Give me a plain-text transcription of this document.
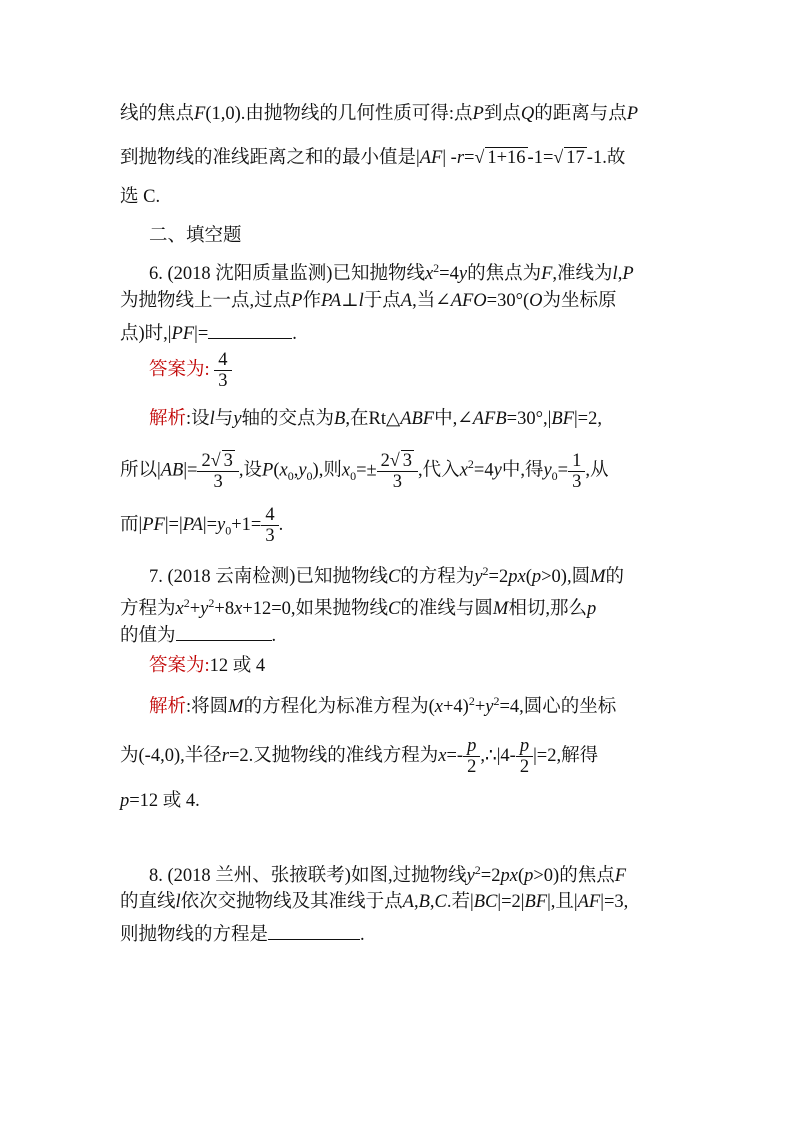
线的焦点F(1,0).由抛物线的几何性质可得:点P到点Q的距离与点P
到抛物线的准线距离之和的最小值是|AF| -r=√ 1+16 -1=√ 17 -1.故
选 C.
二、填空题
6. (2018 沈阳质量监测)已知抛物线$x^2=4y$的焦点为F,准线为l,P
为抛物线上一点,过点P作PA⊥l于点A,当∠AFO=30°(O为坐标原
点)时,|PF|=	.
答案为: $\frac{4}{3}$
解析:设l与y轴的交点为B,在Rt△ABF中,∠AFB=30°,|BF|=2,
所以$|AB|= \frac{2√ 3}{3}$ ,设$P(x_0,y_0)$,则$x_0=\pm \frac{2√ 3}{3}$ ,代入$x^2=4y$中,得$y_0= \frac{1}{3}$ ,从
而$|PF|=|PA|=y_0+1= \frac{4}{3}$ .
7. (2018 云南检测)已知抛物线C的方程为$y^2=2px(p>0)$,圆M的
方程为$x^2+y^2+8x+12=0$,如果抛物线C的准线与圆M相切,那么p
的值为	.
答案为:12 或 4
解析:将圆M的方程化为标准方程为$(x+4)^2+y^2=4$,圆心的坐标
为(-4,0),半径r=2.又抛物线的准线方程为$x=- \frac{p}{2}$ ,∴|4- $\frac{p}{2} |=2$,解得
p=12 或 4.
8. (2018 兰州、张掖联考)如图,过抛物线$y^2=2px(p>0)$的焦点F
的直线l依次交抛物线及其准线于点A,B,C.若|BC|=2|BF|,且|AF|=3,
则抛物线的方程是	.
